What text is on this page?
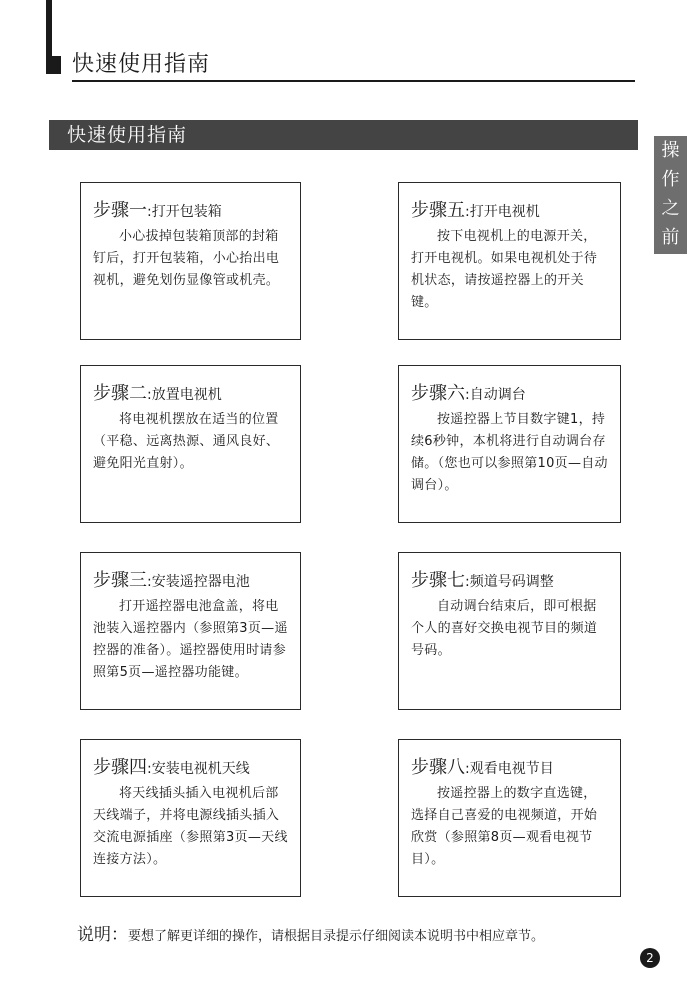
快速使用指南
快速使用指南
操
作
之
前
步骤一:打开包装箱

小心拔掉包装箱顶部的封箱钉后，打开包装箱，小心抬出电视机，避免划伤显像管或机壳。

步骤二:放置电视机

将电视机摆放在适当的位置（平稳、远离热源、通风良好、避免阳光直射）。

步骤三:安装遥控器电池

打开遥控器电池盒盖，将电池装入遥控器内（参照第3页—遥控器的准备）。遥控器使用时请参照第5页—遥控器功能键。

步骤四:安装电视机天线

将天线插头插入电视机后部天线端子，并将电源线插头插入交流电源插座（参照第3页—天线连接方法）。

步骤五:打开电视机

按下电视机上的电源开关，打开电视机。如果电视机处于待机状态，请按遥控器上的开关键。

步骤六:自动调台

按遥控器上节目数字键1，持续6秒钟，本机将进行自动调台存储。（您也可以参照第10页—自动调台）。

步骤七:频道号码调整

自动调台结束后，即可根据个人的喜好交换电视节目的频道号码。

步骤八:观看电视节目

按遥控器上的数字直选键，选择自己喜爱的电视频道，开始欣赏（参照第8页—观看电视节目）。

说明：要想了解更详细的操作，请根据目录提示仔细阅读本说明书中相应章节。
2
